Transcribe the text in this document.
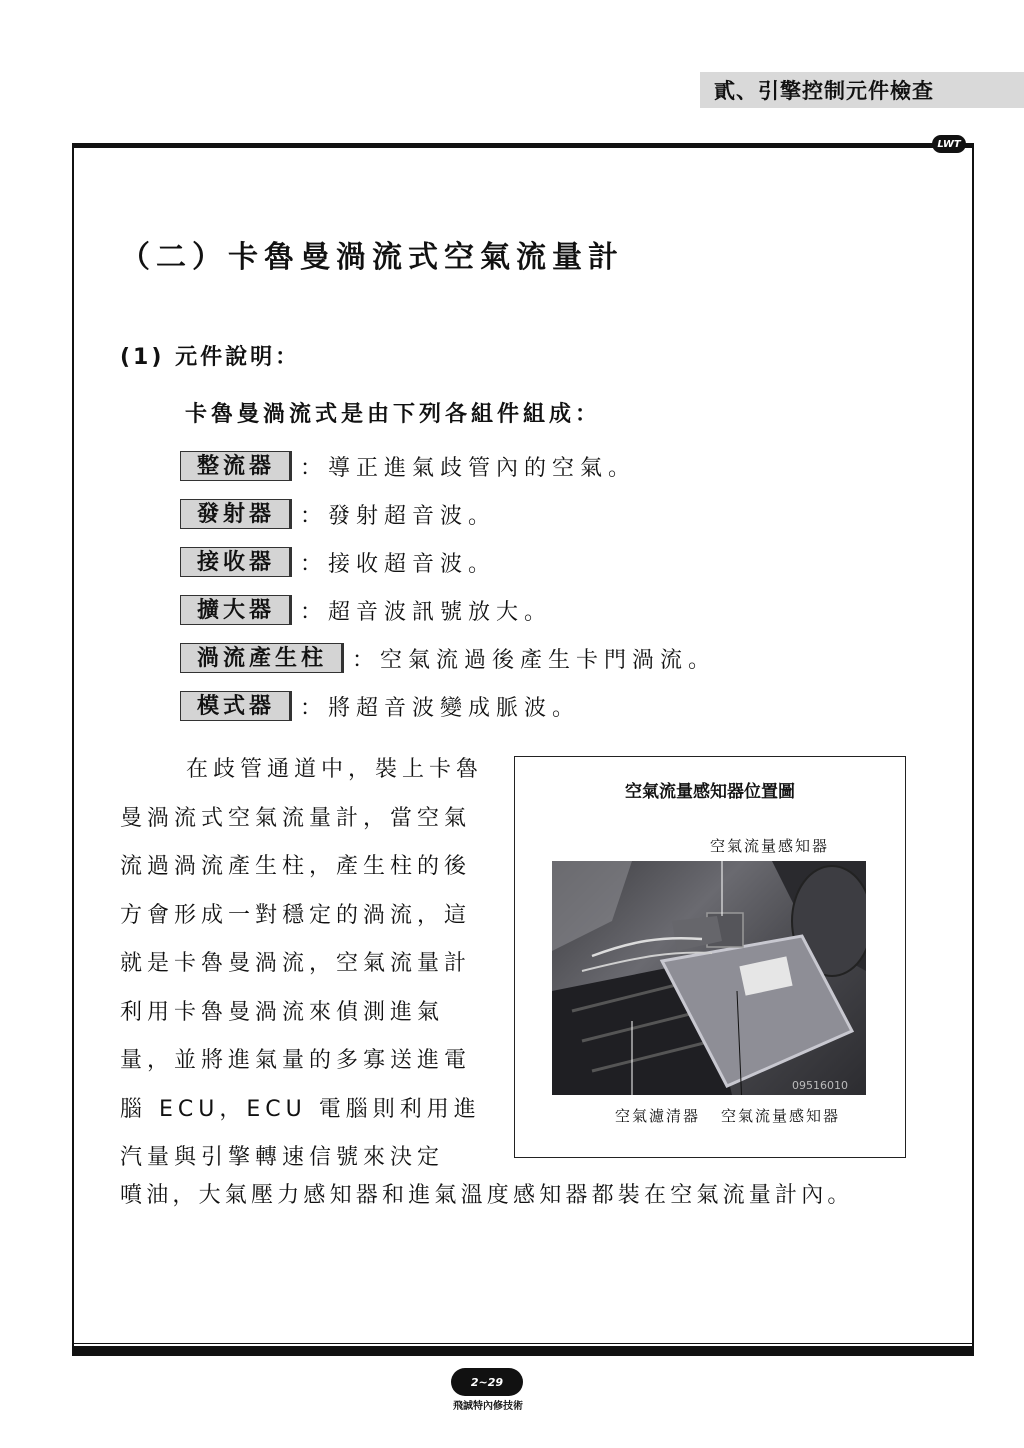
貳、引擎控制元件檢查
LWT
（二）卡魯曼渦流式空氣流量計
(1) 元件說明：
卡魯曼渦流式是由下列各組件組成：
整流器	：導正進氣歧管內的空氣。
發射器	：發射超音波。
接收器	：接收超音波。
擴大器	：超音波訊號放大。
渦流產生柱	：空氣流過後產生卡門渦流。
模式器	：將超音波變成脈波。
在歧管通道中，裝上卡魯
曼渦流式空氣流量計，當空氣
流過渦流產生柱，產生柱的後
方會形成一對穩定的渦流，這
就是卡魯曼渦流，空氣流量計
利用卡魯曼渦流來偵測進氣
量，並將進氣量的多寡送進電
腦 ECU，ECU 電腦則利用進
汽量與引擎轉速信號來決定
噴油，大氣壓力感知器和進氣溫度感知器都裝在空氣流量計內。
空氣流量感知器位置圖
空氣流量感知器
09516010
空氣濾清器 空氣流量感知器
2~29
飛誠特內修技術
